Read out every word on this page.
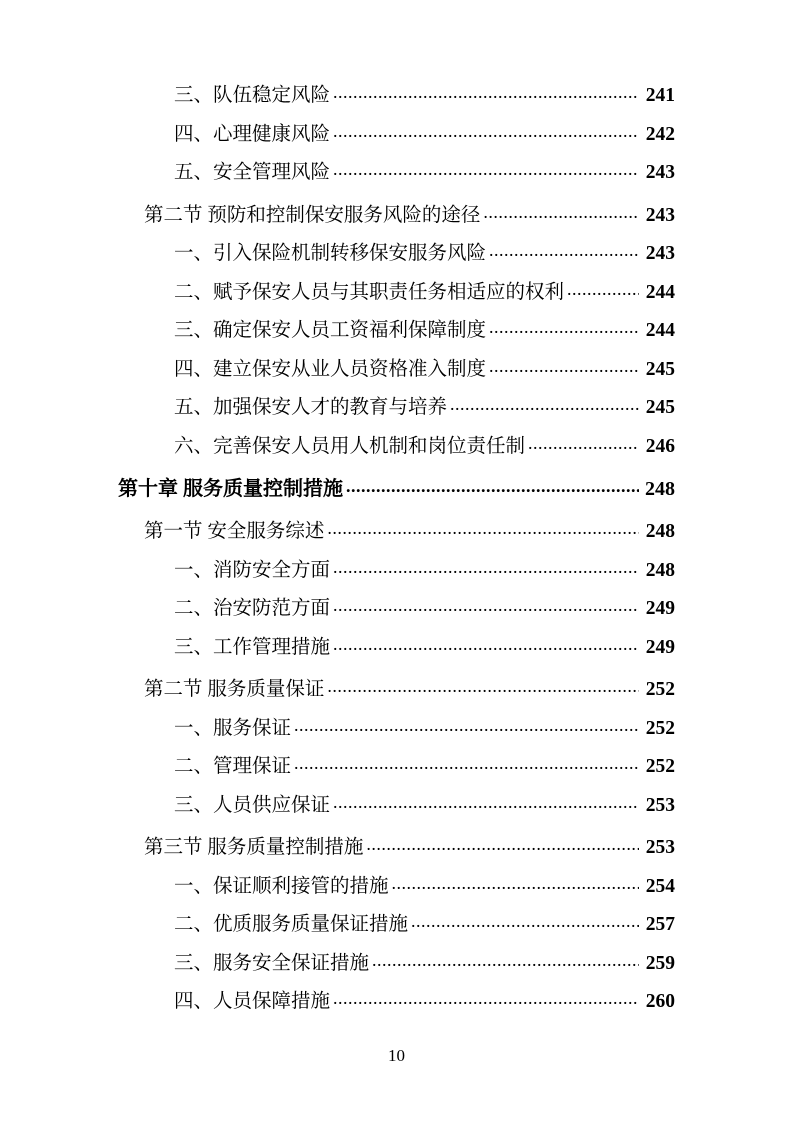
三、队伍稳定风险 .....	241
四、心理健康风险 .....	242
五、安全管理风险 .....	243
第二节 预防和控制保安服务风险的途径 .....	243
一、引入保险机制转移保安服务风险 .....	243
二、赋予保安人员与其职责任务相适应的权利 .....	244
三、确定保安人员工资福利保障制度 .....	244
四、建立保安从业人员资格准入制度 .....	245
五、加强保安人才的教育与培养 .....	245
六、完善保安人员用人机制和岗位责任制 .....	246
第十章 服务质量控制措施 .....	248
第一节 安全服务综述 .....	248
一、消防安全方面 .....	248
二、治安防范方面 .....	249
三、工作管理措施 .....	249
第二节 服务质量保证 .....	252
一、服务保证 .....	252
二、管理保证 .....	252
三、人员供应保证 .....	253
第三节 服务质量控制措施 .....	253
一、保证顺利接管的措施 .....	254
二、优质服务质量保证措施 .....	257
三、服务安全保证措施 .....	259
四、人员保障措施 .....	260
10
